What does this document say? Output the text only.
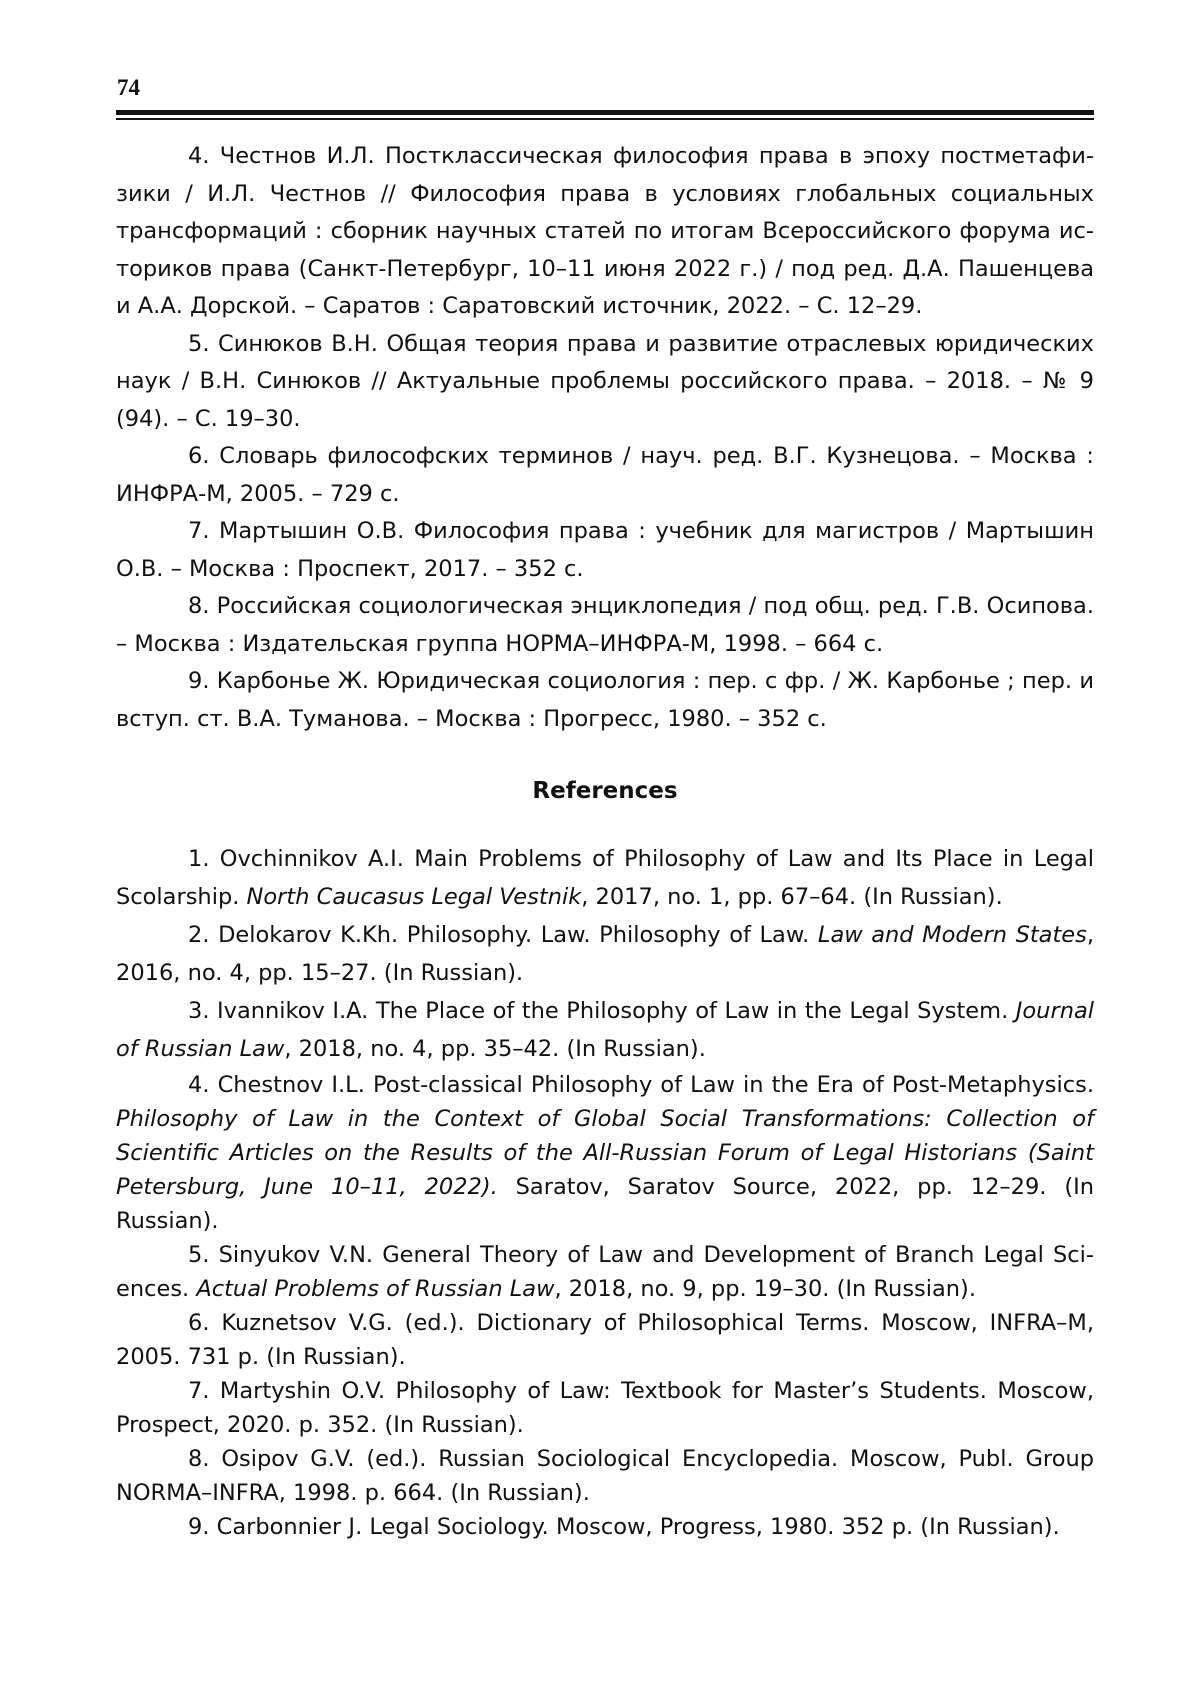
74

4. Честнов И.Л. Постклассическая философия права в эпоху постметафизики / И.Л. Честнов // Философия права в условиях глобальных социальных трансформаций : сборник научных статей по итогам Всероссийского форума историков права (Санкт-Петербург, 10–11 июня 2022 г.) / под ред. Д.А. Пашенцева и А.А. Дорской. – Саратов : Саратовский источник, 2022. – С. 12–29.

5. Синюков В.Н. Общая теория права и развитие отраслевых юридических наук / В.Н. Синюков // Актуальные проблемы российского права. – 2018. – № 9 (94). – С. 19–30.

6. Словарь философских терминов / науч. ред. В.Г. Кузнецова. – Москва : ИНФРА-М, 2005. – 729 с.

7. Мартышин О.В. Философия права : учебник для магистров / Мартышин О.В. – Москва : Проспект, 2017. – 352 с.

8. Российская социологическая энциклопедия / под общ. ред. Г.В. Осипова. – Москва : Издательская группа НОРМА–ИНФРА-М, 1998. – 664 с.

9. Карбонье Ж. Юридическая социология : пер. с фр. / Ж. Карбонье ; пер. и вступ. ст. В.А. Туманова. – Москва : Прогресс, 1980. – 352 с.

References

1. Ovchinnikov A.I. Main Problems of Philosophy of Law and Its Place in Legal Scolarship. North Caucasus Legal Vestnik, 2017, no. 1, pp. 67–64. (In Russian).

2. Delokarov K.Kh. Philosophy. Law. Philosophy of Law. Law and Modern States, 2016, no. 4, pp. 15–27. (In Russian).

3. Ivannikov I.A. The Place of the Philosophy of Law in the Legal System. Journal of Russian Law, 2018, no. 4, pp. 35–42. (In Russian).

4. Chestnov I.L. Post-classical Philosophy of Law in the Era of Post-Metaphysics. Philosophy of Law in the Context of Global Social Transformations: Collection of Scientific Articles on the Results of the All-Russian Forum of Legal Historians (Saint Petersburg, June 10–11, 2022). Saratov, Saratov Source, 2022, pp. 12–29. (In Russian).

5. Sinyukov V.N. General Theory of Law and Development of Branch Legal Sciences. Actual Problems of Russian Law, 2018, no. 9, pp. 19–30. (In Russian).

6. Kuznetsov V.G. (ed.). Dictionary of Philosophical Terms. Moscow, INFRA–M, 2005. 731 p. (In Russian).

7. Martyshin O.V. Philosophy of Law: Textbook for Master’s Students. Moscow, Prospect, 2020. p. 352. (In Russian).

8. Osipov G.V. (ed.). Russian Sociological Encyclopedia. Moscow, Publ. Group NORMA–INFRA, 1998. p. 664. (In Russian).

9. Carbonnier J. Legal Sociology. Moscow, Progress, 1980. 352 p. (In Russian).
